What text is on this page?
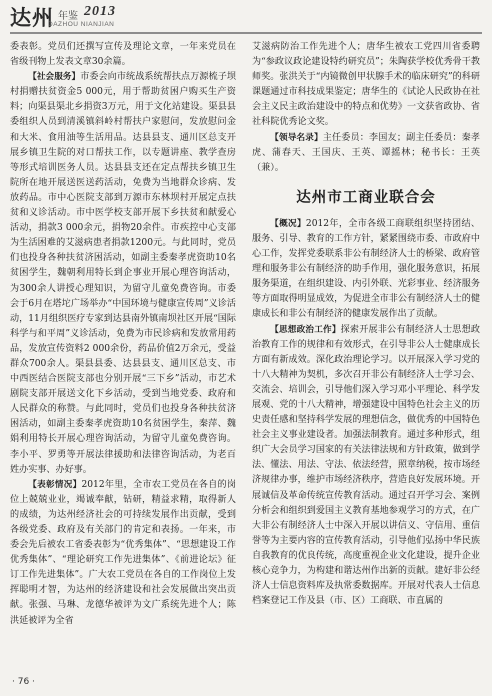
达州 年鉴 2013
DAZHOU NIANJIAN

委表彰。党员们还撰写宣传及理论文章，一年来党员在省级刊物上发表文章30余篇。

【社会服务】市委会向市统战系统帮扶点万源梳子坝村捐赠扶贫资金5 000元，用于帮助贫困户购买生产资料；向渠县渠北乡捐资3万元，用于文化站建设。渠县县委组织人员到清溪镇斜岭村帮扶户家慰问，发放慰问金和大米、食用油等生活用品。达县县支、通川区总支开展乡镇卫生院的对口帮扶工作，以专题讲座、教学查房等形式培训医务人员。达县县支还在定点帮扶乡镇卫生院所在地开展送医送药活动，免费为当地群众诊病、发放药品。市中心医院支部到万源市东林坝村开展定点扶贫和义诊活动。市中医学校支部开展下乡扶贫和献爱心活动，捐款3 000余元，捐物20余件。市疾控中心支部为生活困难的艾滋病患者捐款1200元。与此同时，党员们也投身各种扶贫济困活动，如副主委秦孝虎资助10名贫困学生，魏朝利用特长到企事业开展心理咨询活动，为300余人讲授心理知识，为留守儿童免费咨询。市委会于6月在塔坨广场举办“中国环境与健康宣传周”义诊活动，11月组织医疗专家到达县南外镇南坝社区开展“国际科学与和平周”义诊活动，免费为市民诊病和发放常用药品，发放宣传资料2 000余份，药品价值2万余元，受益群众700余人。渠县县委、达县县支、通川区总支、市中西医结合医院支部也分别开展“三下乡”活动，市艺术剧院支部开展送文化下乡活动，受到当地党委、政府和人民群众的称赞。与此同时，党员们也投身各种扶贫济困活动，如副主委秦孝虎资助10名贫困学生，秦萍、魏娟利用特长开展心理咨询活动，为留守儿童免费咨询。李小平、罗勇等开展法律援助和法律咨询活动，为老百姓办实事、办好事。

【表彰情况】2012年里，全市农工党员在各自的岗位上兢兢业业，竭诚奉献，钻研，精益求精，取得新人的成绩，为达州经济社会的可持续发展作出贡献，受到各级党委、政府及有关部门的肯定和表扬。一年来，市委会先后被农工省委表彰为“优秀集体”、“思想建设工作优秀集体”、“理论研究工作先进集体”、《前进论坛》征订工作先进集体”。广大农工党员在各自的工作岗位上发挥聪明才智，为达州的经济建设和社会发展做出突出贡献。张强、马琳、龙德华被评为文广系统先进个人；陈洪延被评为全省

艾滋病防治工作先进个人；唐华生被农工党四川省委聘为“参政议政论建设特约研究员”；朱陶获学校优秀骨干教师奖。张洪关于“内镜微创甲状腺手术的临床研究”的科研课题通过市科技成果鉴定；唐华生的《试论人民政协在社会主义民主政治建设中的特点和优势》一文获省政协、省社科院优秀论文奖。

【领导名录】主任委员：李国友；副主任委员：秦孝虎、蒲春天、王国庆、王英、谭摇林；秘书长：王英（兼）。

达州市工商业联合会

【概况】2012年，全市各级工商联组织坚持团结、服务、引导、教育的工作方针，紧紧围绕市委、市政府中心工作，发挥党委联系非公有制经济人士的桥梁、政府管理和服务非公有制经济的助手作用，强化服务意识，拓展服务渠道，在组织建设、内引外联、光彩事业、经济服务等方面取得明显成效，为促进全市非公有制经济人士的健康成长和非公有制经济的健康发展作出了贡献。

【思想政治工作】探索开展非公有制经济人士思想政治教育工作的规律和有效形式，在引导非公人士健康成长方面有新成效。深化政治理论学习。以开展深入学习党的十八大精神为契机，多次召开非公有制经济人士学习会、交流会、培训会，引导他们深入学习邓小平理论、科学发展观、党的十八大精神，增强建设中国特色社会主义的历史责任感和坚持科学发展的理想信念，做优秀的中国特色社会主义事业建设者。加强法制教育。通过多种形式，组织广大会员学习国家的有关法律法规和方针政策，做到学法、懂法、用法、守法、依法经营，照章纳税，按市场经济规律办事，维护市场经济秩序，营造良好发展环境。开展诚信及革命传统宣传教育活动。通过召开学习会、案例分析会和组织到爱国主义教育基地参观学习的方式，在广大非公有制经济人士中深入开展以讲信义、守信用、重信誉等为主要内容的宣传教育活动，引导他们弘扬中华民族自我教育的优良传统，高度重视企业文化建设，提升企业核心竞争力，为构建和谐达州作出新的贡献。建好非公经济人士信息资料库及执常委数据库。开展对代表人士信息档案登记工作及县（市、区）工商联、市直属的

· 76 ·
